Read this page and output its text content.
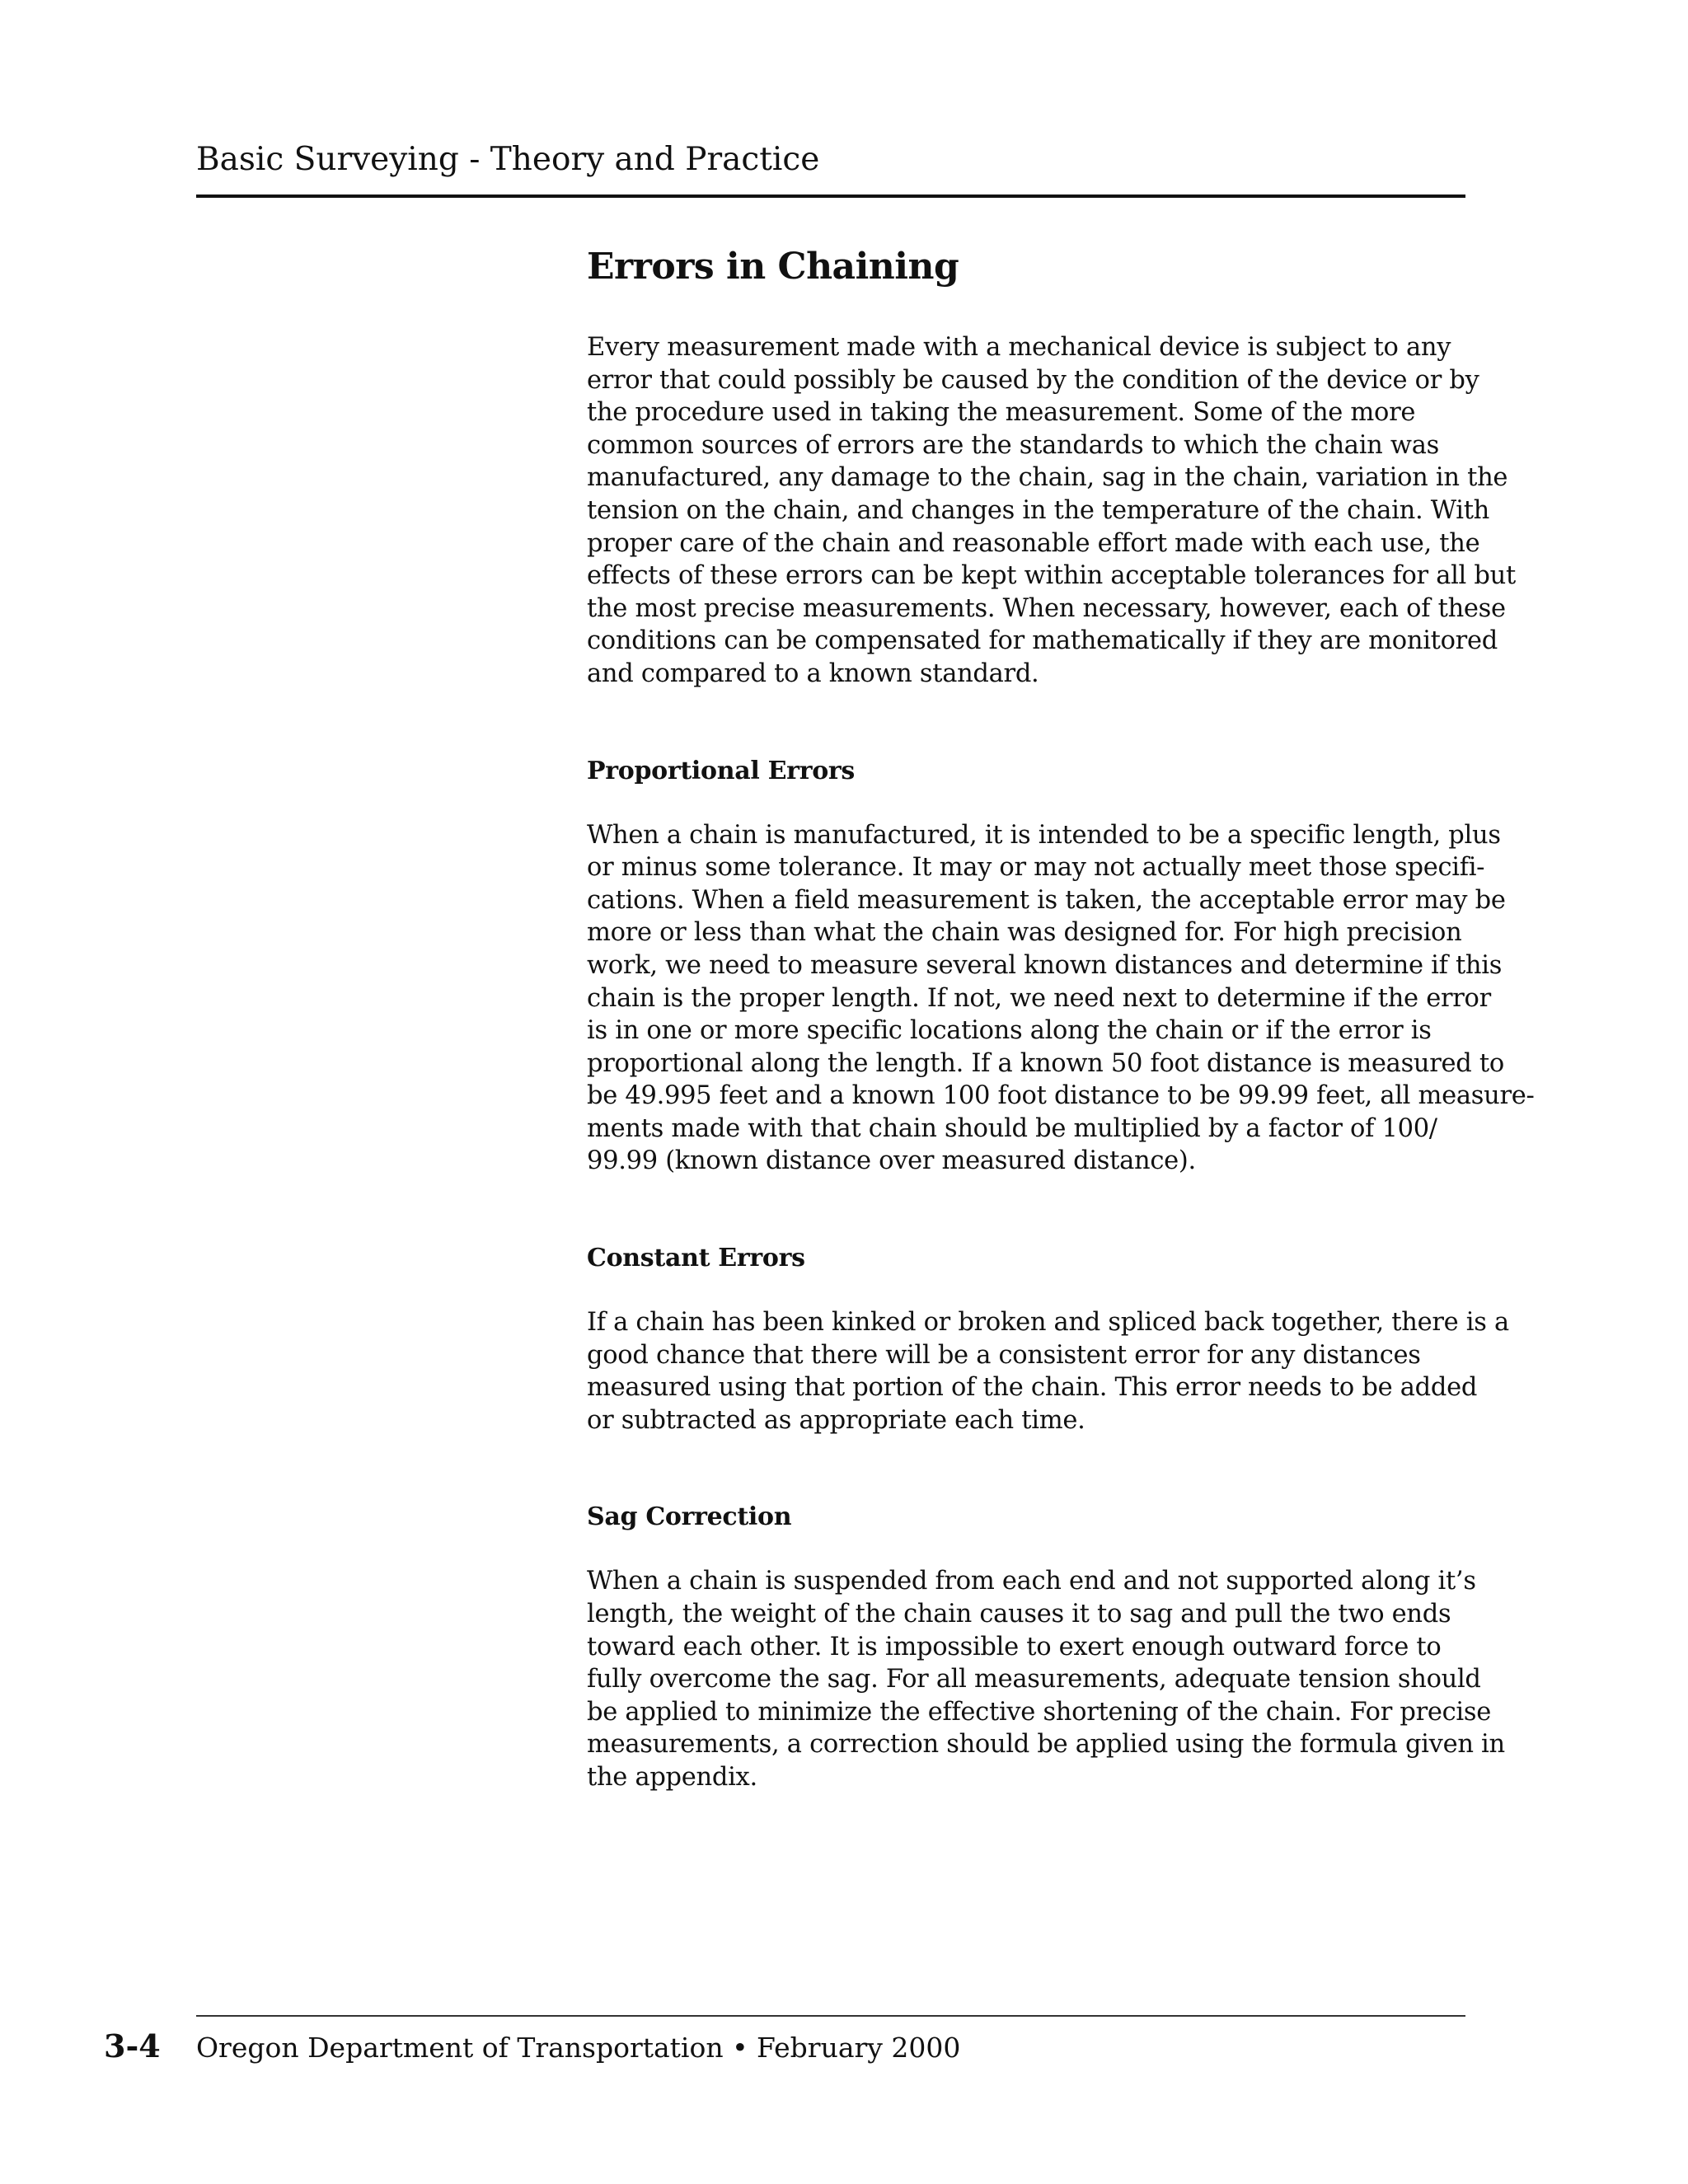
Basic Surveying - Theory and Practice
Errors in Chaining

Every measurement made with a mechanical device is subject to any
error that could possibly be caused by the condition of the device or by
the procedure used in taking the measurement. Some of the more
common sources of errors are the standards to which the chain was
manufactured, any damage to the chain, sag in the chain, variation in the
tension on the chain, and changes in the temperature of the chain. With
proper care of the chain and reasonable effort made with each use, the
effects of these errors can be kept within acceptable tolerances for all but
the most precise measurements. When necessary, however, each of these
conditions can be compensated for mathematically if they are monitored
and compared to a known standard.

Proportional Errors

When a chain is manufactured, it is intended to be a specific length, plus
or minus some tolerance. It may or may not actually meet those specifi-
cations. When a field measurement is taken, the acceptable error may be
more or less than what the chain was designed for. For high precision
work, we need to measure several known distances and determine if this
chain is the proper length. If not, we need next to determine if the error
is in one or more specific locations along the chain or if the error is
proportional along the length. If a known 50 foot distance is measured to
be 49.995 feet and a known 100 foot distance to be 99.99 feet, all measure-
ments made with that chain should be multiplied by a factor of 100/
99.99 (known distance over measured distance).

Constant Errors

If a chain has been kinked or broken and spliced back together, there is a
good chance that there will be a consistent error for any distances
measured using that portion of the chain. This error needs to be added
or subtracted as appropriate each time.

Sag Correction

When a chain is suspended from each end and not supported along it’s
length, the weight of the chain causes it to sag and pull the two ends
toward each other. It is impossible to exert enough outward force to
fully overcome the sag. For all measurements, adequate tension should
be applied to minimize the effective shortening of the chain. For precise
measurements, a correction should be applied using the formula given in
the appendix.

3-4 Oregon Department of Transportation • February 2000
